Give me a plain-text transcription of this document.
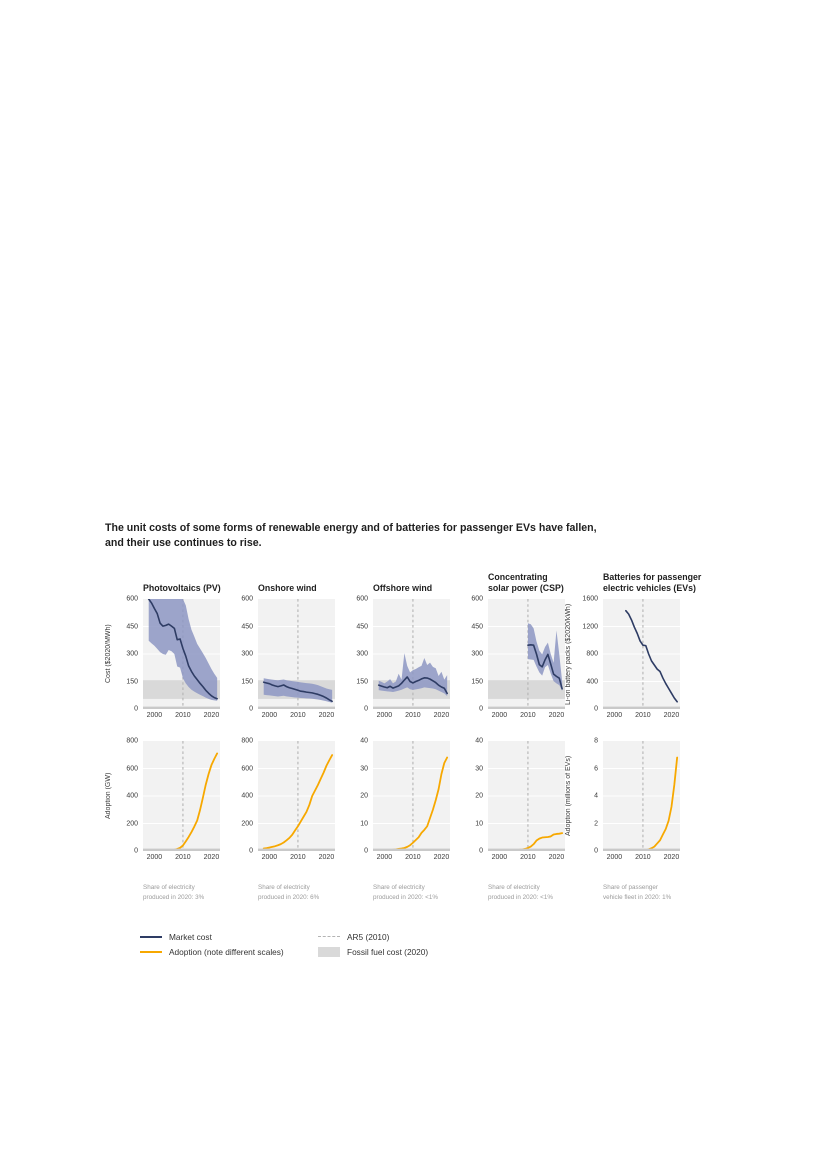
The unit costs of some forms of renewable energy and of batteries for passenger EVs have fallen,
and their use continues to rise.
Photovoltaics (PV)
Cost ($2020/MWh)
0
150
300
450
600
2000 2010 2020
0
200
400
600
800
Adoption (GW)
2000 2010 2020
Share of electricity
produced in 2020: 3%
Onshore wind
0
150
300
450
600
2000 2010 2020
0
200
400
600
800
2000 2010 2020
Share of electricity
produced in 2020: 6%
Offshore wind
0
150
300
450
600
2000 2010 2020
0
10
20
30
40
2000 2010 2020
Share of electricity
produced in 2020: <1%
Concentrating
solar power (CSP)
0
150
300
450
600
2000 2010 2020
0
10
20
30
40
2000 2010 2020
Share of electricity
produced in 2020: <1%
Batteries for passenger
electric vehicles (EVs)
Li-on battery packs ($2020/kWh)
0
400
800
1200
1600
2000 2010 2020
Adoption (millions of EVs)
0
2
4
6
8
2000 2010 2020
Share of passenger
vehicle fleet in 2020: 1%
Market cost	AR5 (2010)
Adoption (note different scales)	Fossil fuel cost (2020)
